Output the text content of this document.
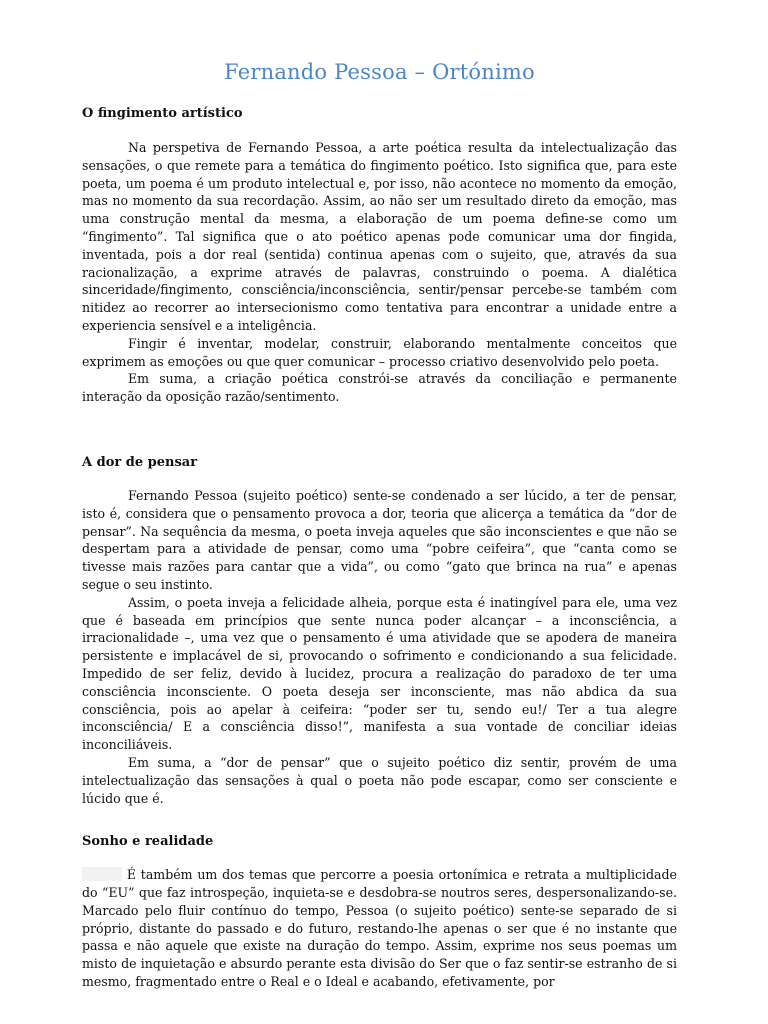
Fernando Pessoa – Ortónimo
O fingimento artístico

Na perspetiva de Fernando Pessoa, a arte poética resulta da intelectualização das sensações, o que remete para a temática do fingimento poético. Isto significa que, para este poeta, um poema é um produto intelectual e, por isso, não acontece no momento da emoção, mas no momento da sua recordação. Assim, ao não ser um resultado direto da emoção, mas uma construção mental da mesma, a elaboração de um poema define-se como um “fingimento”. Tal significa que o ato poético apenas pode comunicar uma dor fingida, inventada, pois a dor real (sentida) continua apenas com o sujeito, que, através da sua racionalização, a exprime através de palavras, construindo o poema. A dialética sinceridade/fingimento, consciência/inconsciência, sentir/pensar percebe-se também com nitidez ao recorrer ao intersecionismo como tentativa para encontrar a unidade entre a experiencia sensível e a inteligência.

Fingir é inventar, modelar, construir, elaborando mentalmente conceitos que exprimem as emoções ou que quer comunicar – processo criativo desenvolvido pelo poeta.

Em suma, a criação poética constrói-se através da conciliação e permanente interação da oposição razão/sentimento.

A dor de pensar

Fernando Pessoa (sujeito poético) sente-se condenado a ser lúcido, a ter de pensar, isto é, considera que o pensamento provoca a dor, teoria que alicerça a temática da “dor de pensar”. Na sequência da mesma, o poeta inveja aqueles que são inconscientes e que não se despertam para a atividade de pensar, como uma “pobre ceifeira”, que “canta como se tivesse mais razões para cantar que a vida”, ou como “gato que brinca na rua” e apenas segue o seu instinto.

Assim, o poeta inveja a felicidade alheia, porque esta é inatingível para ele, uma vez que é baseada em princípios que sente nunca poder alcançar – a inconsciência, a irracionalidade –, uma vez que o pensamento é uma atividade que se apodera de maneira persistente e implacável de si, provocando o sofrimento e condicionando a sua felicidade. Impedido de ser feliz, devido à lucidez, procura a realização do paradoxo de ter uma consciência inconsciente. O poeta deseja ser inconsciente, mas não abdica da sua consciência, pois ao apelar à ceifeira: “poder ser tu, sendo eu!/ Ter a tua alegre inconsciência/ E a consciência disso!”, manifesta a sua vontade de conciliar ideias inconciliáveis.

Em suma, a “dor de pensar” que o sujeito poético diz sentir, provém de uma intelectualização das sensações à qual o poeta não pode escapar, como ser consciente e lúcido que é.

Sonho e realidade

É também um dos temas que percorre a poesia ortonímica e retrata a multiplicidade do “EU” que faz introspeção, inquieta-se e desdobra-se noutros seres, despersonalizando-se. Marcado pelo fluir contínuo do tempo, Pessoa (o sujeito poético) sente-se separado de si próprio, distante do passado e do futuro, restando-lhe apenas o ser que é no instante que passa e não aquele que existe na duração do tempo. Assim, exprime nos seus poemas um misto de inquietação e absurdo perante esta divisão do Ser que o faz sentir-se estranho de si mesmo, fragmentado entre o Real e o Ideal e acabando, efetivamente, por
